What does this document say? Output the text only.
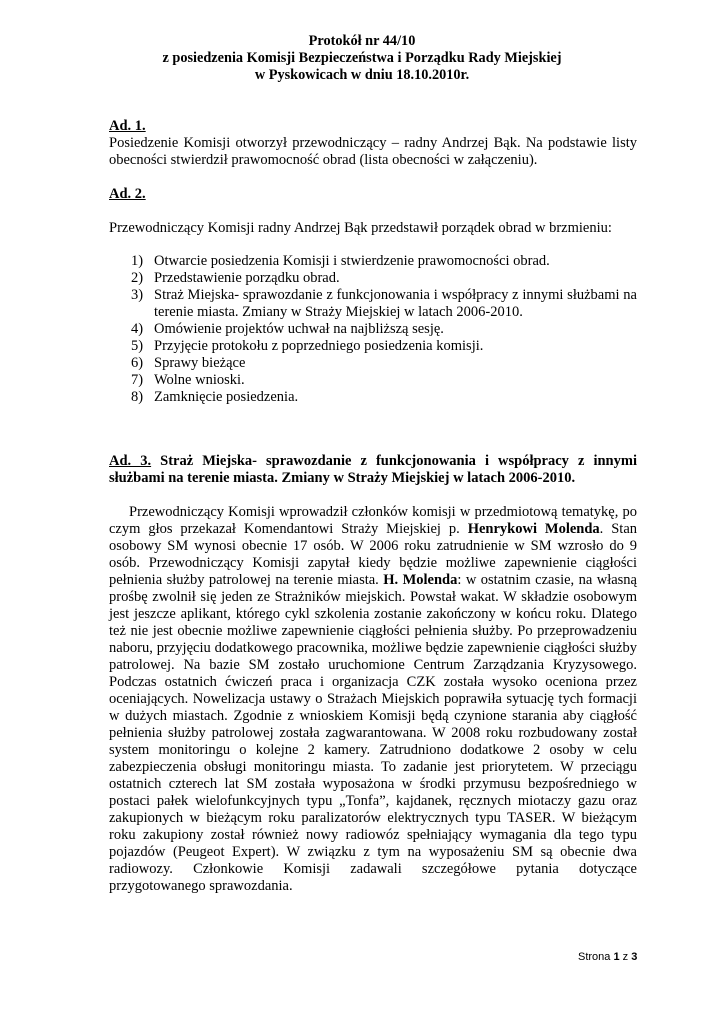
Protokół nr 44/10
z posiedzenia Komisji Bezpieczeństwa i Porządku Rady Miejskiej
w Pyskowicach w dniu 18.10.2010r.
Ad. 1.
Posiedzenie Komisji otworzył przewodniczący – radny Andrzej Bąk. Na podstawie listy obecności stwierdził prawomocność obrad (lista obecności w załączeniu).
Ad. 2.
Przewodniczący Komisji radny Andrzej Bąk przedstawił porządek obrad w brzmieniu:
1) Otwarcie posiedzenia Komisji i stwierdzenie prawomocności obrad.
2) Przedstawienie porządku obrad.
3) Straż Miejska- sprawozdanie z funkcjonowania i współpracy z innymi służbami na terenie miasta. Zmiany w Straży Miejskiej w latach 2006-2010.
4) Omówienie projektów uchwał na najbliższą sesję.
5) Przyjęcie protokołu z poprzedniego posiedzenia komisji.
6) Sprawy bieżące
7) Wolne wnioski.
8) Zamknięcie posiedzenia.
Ad. 3. Straż Miejska- sprawozdanie z funkcjonowania i współpracy z innymi służbami na terenie miasta. Zmiany w Straży Miejskiej w latach 2006-2010.
Przewodniczący Komisji wprowadził członków komisji w przedmiotową tematykę, po czym głos przekazał Komendantowi Straży Miejskiej p. Henrykowi Molenda. Stan osobowy SM wynosi obecnie 17 osób. W 2006 roku zatrudnienie w SM wzrosło do 9 osób. Przewodniczący Komisji zapytał kiedy będzie możliwe zapewnienie ciągłości pełnienia służby patrolowej na terenie miasta. H. Molenda: w ostatnim czasie, na własną prośbę zwolnił się jeden ze Strażników miejskich. Powstał wakat. W składzie osobowym jest jeszcze aplikant, którego cykl szkolenia zostanie zakończony w końcu roku. Dlatego też nie jest obecnie możliwe zapewnienie ciągłości pełnienia służby. Po przeprowadzeniu naboru, przyjęciu dodatkowego pracownika, możliwe będzie zapewnienie ciągłości służby patrolowej. Na bazie SM zostało uruchomione Centrum Zarządzania Kryzysowego. Podczas ostatnich ćwiczeń praca i organizacja CZK została wysoko oceniona przez oceniających. Nowelizacja ustawy o Strażach Miejskich poprawiła sytuację tych formacji w dużych miastach. Zgodnie z wnioskiem Komisji będą czynione starania aby ciągłość pełnienia służby patrolowej została zagwarantowana. W 2008 roku rozbudowany został system monitoringu o kolejne 2 kamery. Zatrudniono dodatkowe 2 osoby w celu zabezpieczenia obsługi monitoringu miasta. To zadanie jest priorytetem. W przeciągu ostatnich czterech lat SM została wyposażona w środki przymusu bezpośredniego w postaci pałek wielofunkcyjnych typu „Tonfa”, kajdanek, ręcznych miotaczy gazu oraz zakupionych w bieżącym roku paralizatorów elektrycznych typu TASER. W bieżącym roku zakupiony został również nowy radiowóz spełniający wymagania dla tego typu pojazdów (Peugeot Expert). W związku z tym na wyposażeniu SM są obecnie dwa radiowozy. Członkowie Komisji zadawali szczegółowe pytania dotyczące przygotowanego sprawozdania.
Strona 1 z 3
